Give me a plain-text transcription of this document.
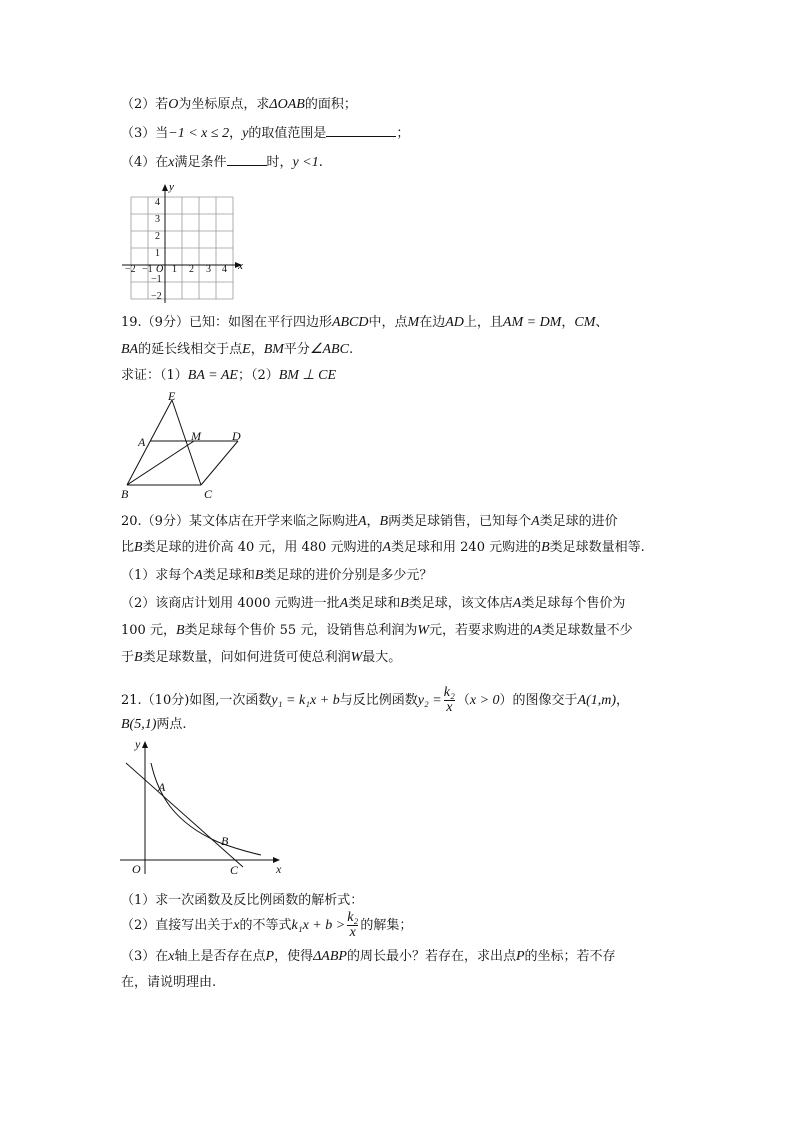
（2）若O为坐标原点，求ΔOAB的面积；
（3）当−1 < x ≤ 2，y的取值范围是	；
（4）在x满足条件	时，y <1.
x
y
O
−2 −1 1 2 3 4
4
3
2
1
−1
−2
19.（9分）已知：如图在平行四边形ABCD中，点M在边AD上，且AM = DM，CM、
BA的延长线相交于点E，BM平分∠ABC.
求证：（1）BA = AE；（2）BM ⊥ CE
E
A	M	D
B	C
20.（9分）某文体店在开学来临之际购进A，B两类足球销售，已知每个A类足球的进价
比B类足球的进价高 40 元，用 480 元购进的A类足球和用 240 元购进的B类足球数量相等.
（1）求每个A类足球和B类足球的进价分别是多少元？
（2）该商店计划用 4000 元购进一批A类足球和B类足球，该文体店A类足球每个售价为
100 元，B类足球每个售价 55 元，设销售总利润为W元，若要求购进的A类足球数量不少
于B类足球数量，问如何进货可使总利润W最大。
21.（10分)如图,一次函数y₁ = k₁x + b与反比例函数$y_2 = \frac{\text{k₂}}{x} (x > 0)$的图像交于A(1,m)，
B(5,1)两点.
y
x
O
A
B
C
（1）求一次函数及反比例函数的解析式：
（2）直接写出关于x的不等式$k_1x + b > \frac{\text{k₂}}{x}$ 的解集；
（3）在x轴上是否存在点P，使得ΔABP的周长最小？若存在，求出点P的坐标；若不存
在，请说明理由.
